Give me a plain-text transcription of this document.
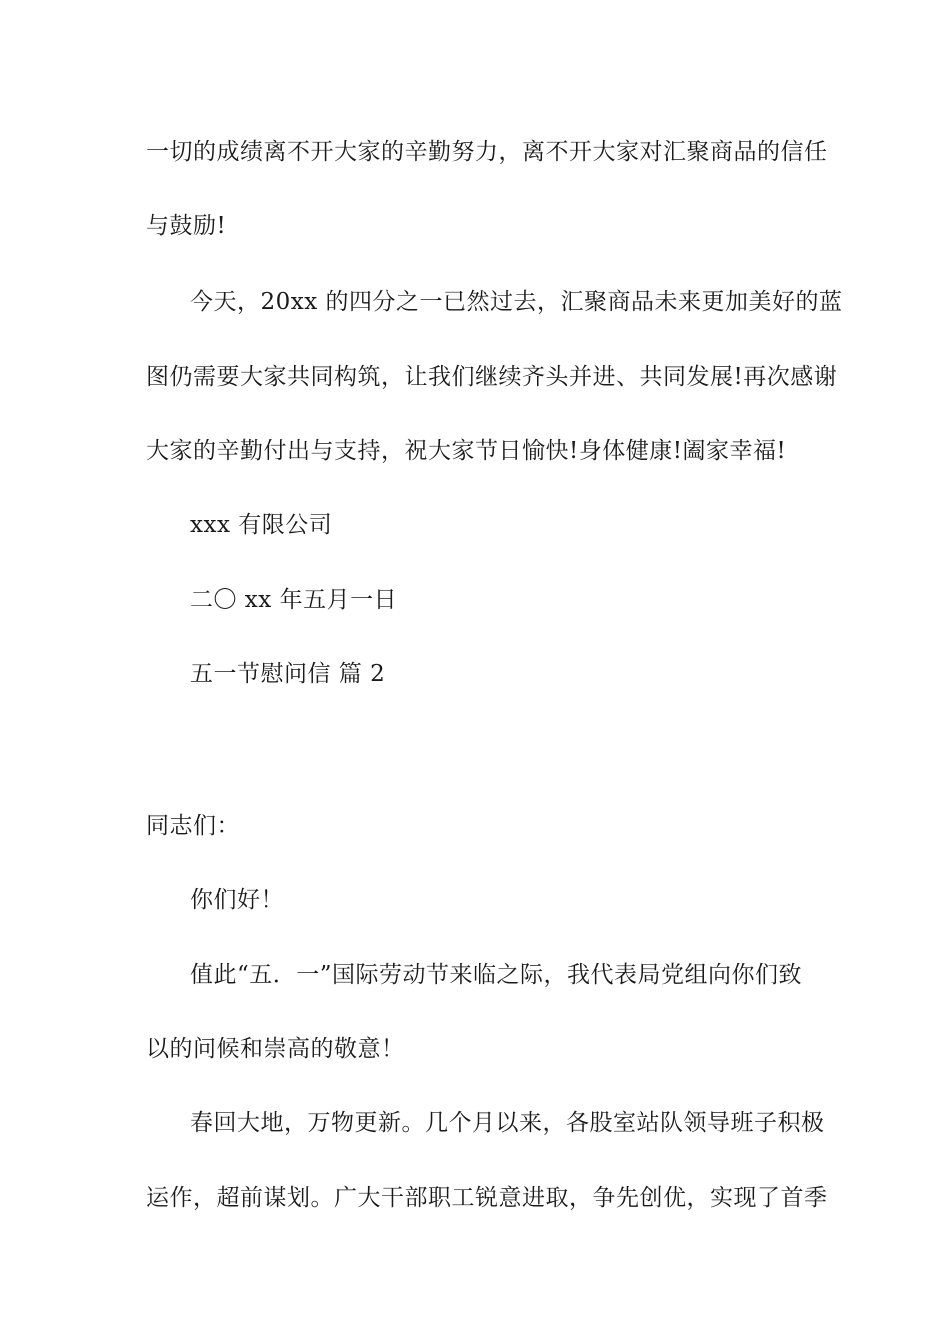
一切的成绩离不开大家的辛勤努力，离不开大家对汇聚商品的信任
与鼓励!
今天，20xx 的四分之一已然过去，汇聚商品未来更加美好的蓝
图仍需要大家共同构筑，让我们继续齐头并进、共同发展!再次感谢
大家的辛勤付出与支持，祝大家节日愉快!身体健康!阖家幸福!
xxx 有限公司
二〇 xx 年五月一日
五一节慰问信 篇 2
同志们：
你们好！
值此“五．一”国际劳动节来临之际，我代表局党组向你们致
以的问候和崇高的敬意！
春回大地，万物更新。几个月以来，各股室站队领导班子积极
运作，超前谋划。广大干部职工锐意进取，争先创优，实现了首季
